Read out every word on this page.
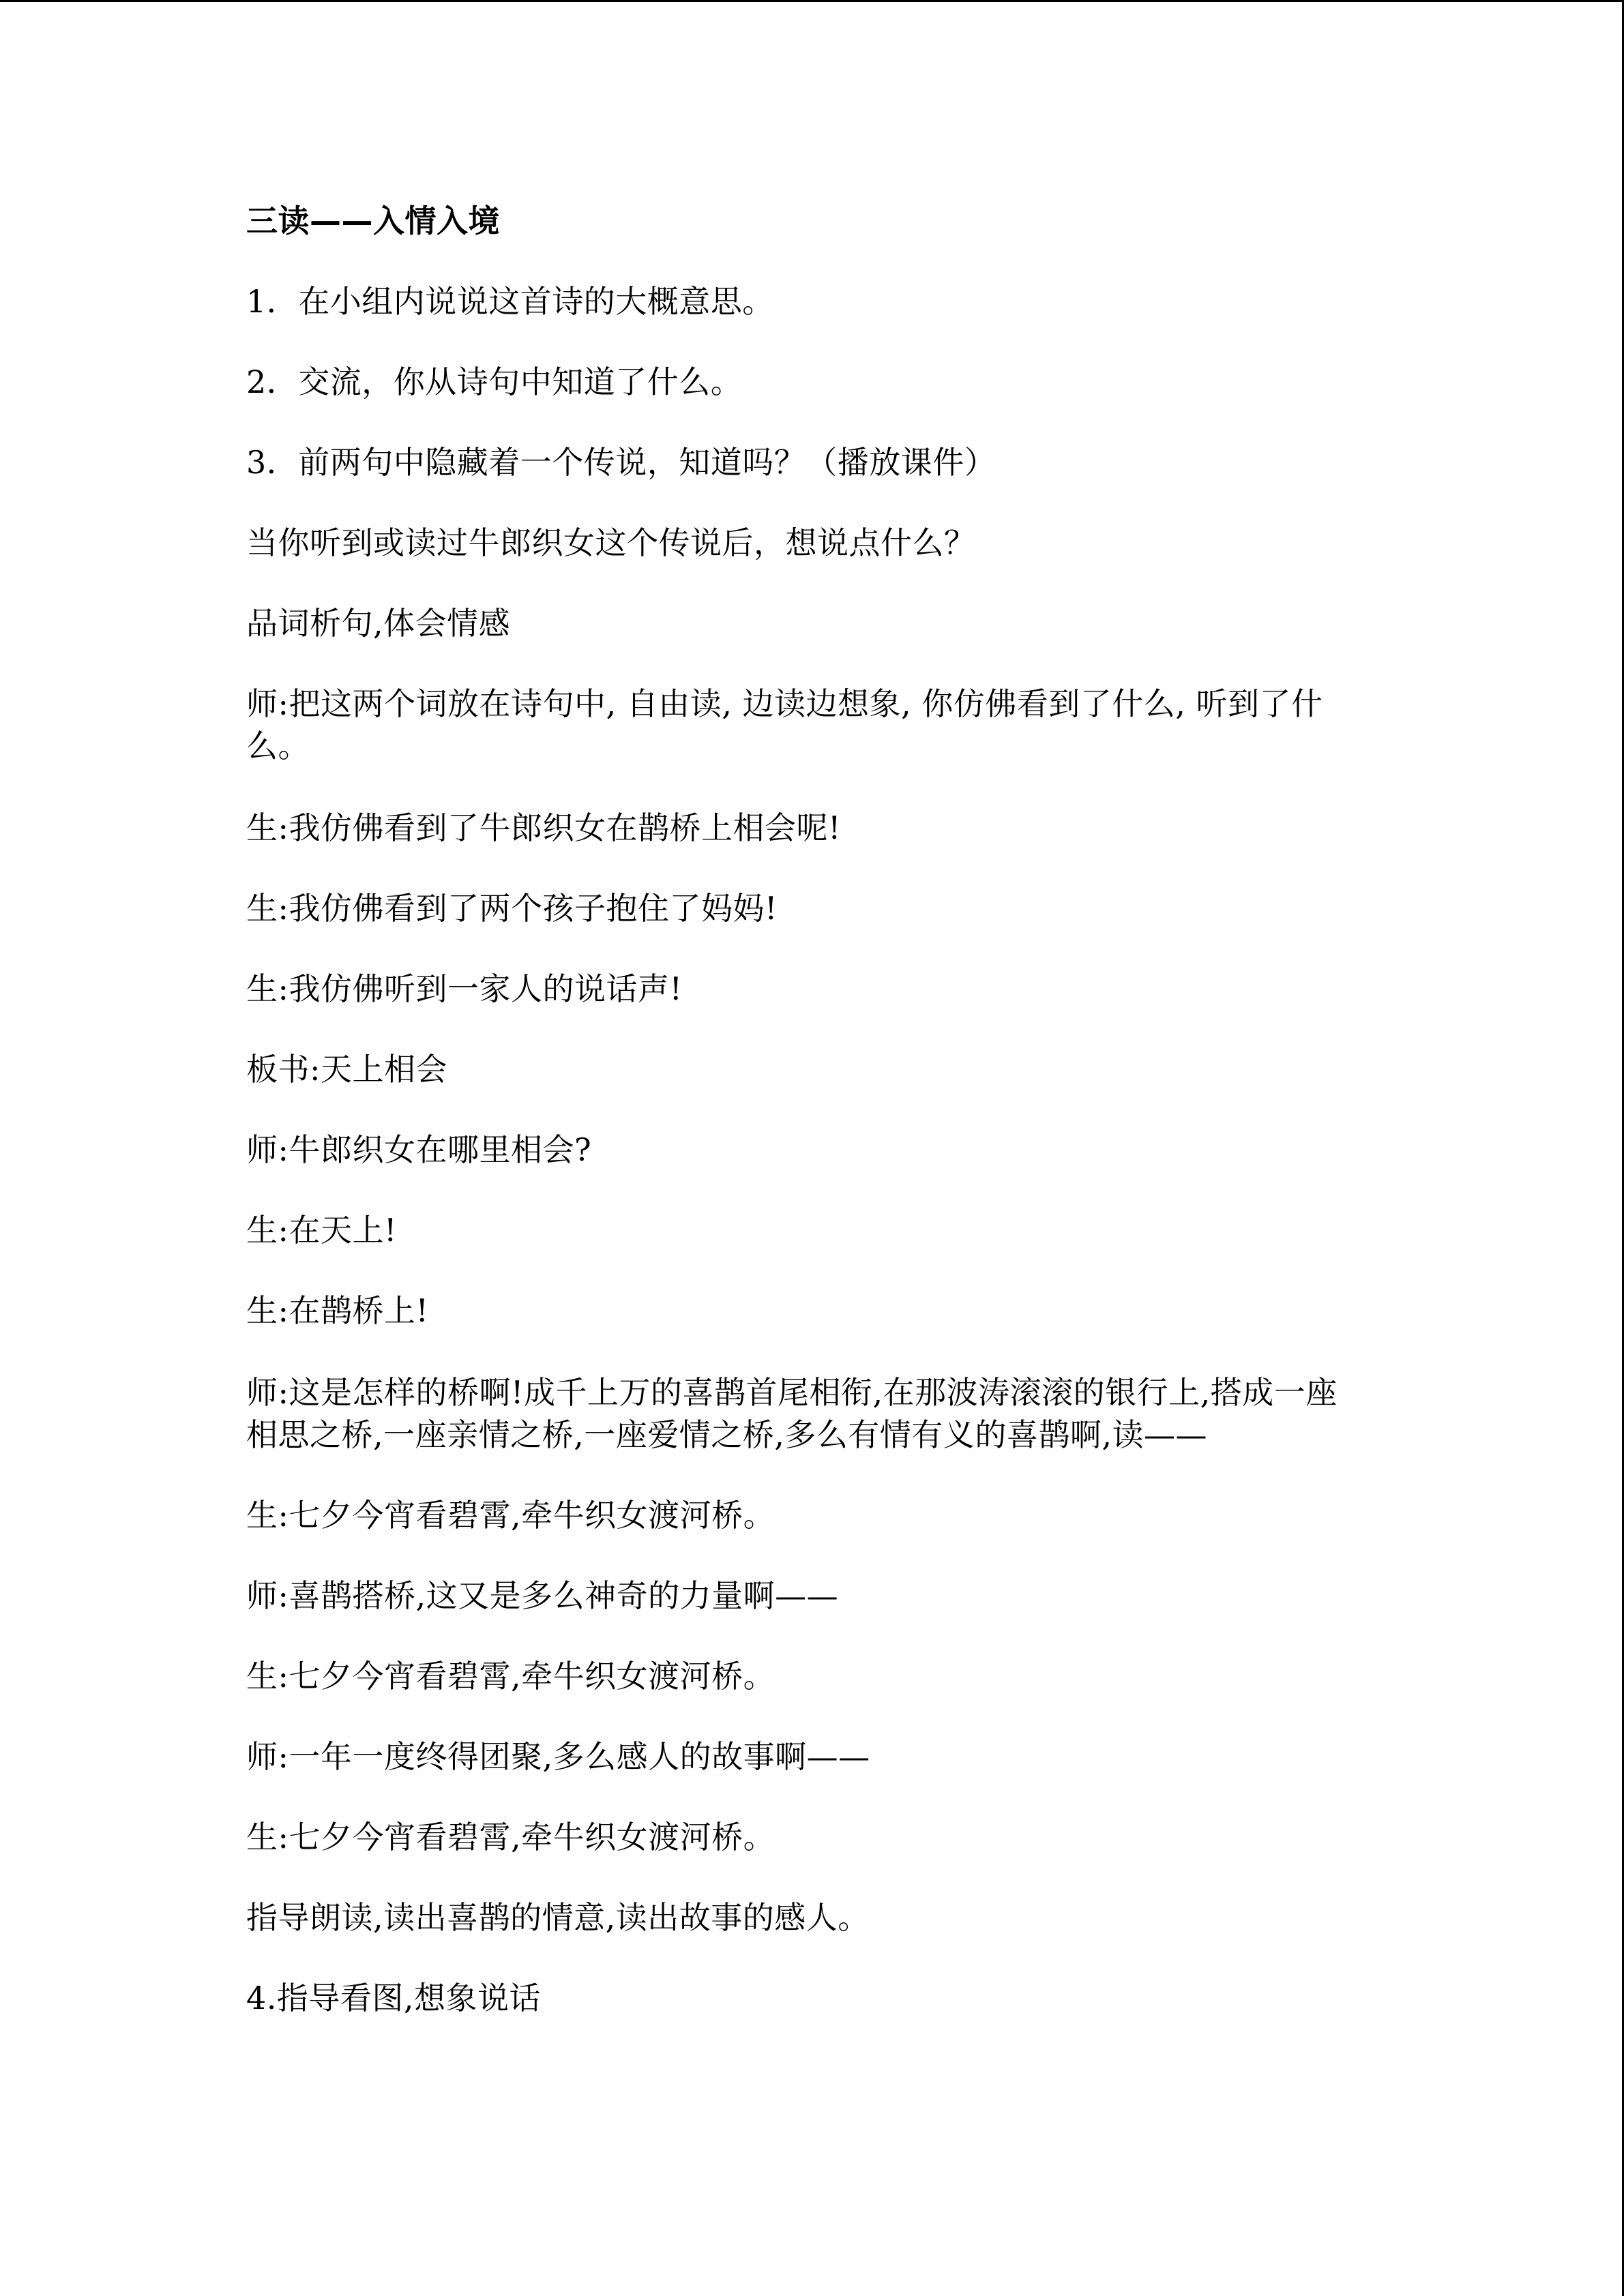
三读——入情入境
1．在小组内说说这首诗的大概意思。
2．交流，你从诗句中知道了什么。
3．前两句中隐藏着一个传说，知道吗？（播放课件）
当你听到或读过牛郎织女这个传说后，想说点什么？
品词析句,体会情感
师:把这两个词放在诗句中, 自由读, 边读边想象, 你仿佛看到了什么, 听到了什么。
生:我仿佛看到了牛郎织女在鹊桥上相会呢!
生:我仿佛看到了两个孩子抱住了妈妈!
生:我仿佛听到一家人的说话声!
板书:天上相会
师:牛郎织女在哪里相会?
生:在天上!
生:在鹊桥上!
师:这是怎样的桥啊!成千上万的喜鹊首尾相衔,在那波涛滚滚的银行上,搭成一座 相思之桥,一座亲情之桥,一座爱情之桥,多么有情有义的喜鹊啊,读——
生:七夕今宵看碧霄,牵牛织女渡河桥。
师:喜鹊搭桥,这又是多么神奇的力量啊——
生:七夕今宵看碧霄,牵牛织女渡河桥。
师:一年一度终得团聚,多么感人的故事啊——
生:七夕今宵看碧霄,牵牛织女渡河桥。
指导朗读,读出喜鹊的情意,读出故事的感人。
4.指导看图,想象说话
